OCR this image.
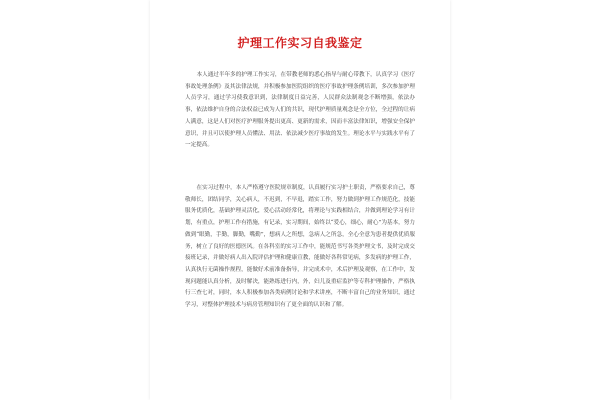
护理工作实习自我鉴定

本人通过半年多的护理工作实习，在带教老师的悉心指导与耐心带教下，认真学习《医疗事故处理条例》及其法律法规，并积极参加医院组织的医疗事故护理条例培训，多次参加护理人员学习，通过学习使我意识到，法律制度日益完善，人民群众法制观念不断增强，依法办事，依法维护自身的合法权益已成为人们的共识，现代护理质量观念是全方位，全过程的让病人满意，这是人们对医疗护理服务提出更高、更新的需求，因而丰富法律知识，增强安全保护意识，并且可以使护理人员懂法、用法、依法减少医疗事故的发生。理论水平与实践水平有了一定提高。

在实习过程中，本人严格遵守医院规章制度，认真履行实习护士职责，严格要求自己，尊敬师长，团结同学，关心病人，不迟到，不早退，踏实工作，努力做到护理工作规范化，技能服务优质化，基础护理灵活化，爱心活动经常化，将理论与实践相结合，并做到理论学习有计划，有重点，护理工作有措施，有记录，实习期间，始终以“爱心，细心，耐心”为基本，努力做到“眼勤，手勤，脚勤，嘴勤”，想病人之所想，急病人之所急，全心全意为患者提供优质服务，树立了良好的医德医风。在各科室的实习工作中，能规范书写各类护理文书，及时完成交接班记录，并做好病人出入院评估护理和健康宣教，能做好各科常见病，多发病的护理工作，认真执行无菌操作规程，能做好术前准备指导，并完成术中，术后护理及观察，在工作中，发现问题能认真分析，及时解决，能熟练进行内，外，妇儿及重症监护等专科护理操作，严格执行三查七对，同时，本人积极参加各类病例讨论和学术讲座，不断丰富自己的业务知识，通过学习，对整体护理技术与病房管理知识有了更全面的认识和了解。
